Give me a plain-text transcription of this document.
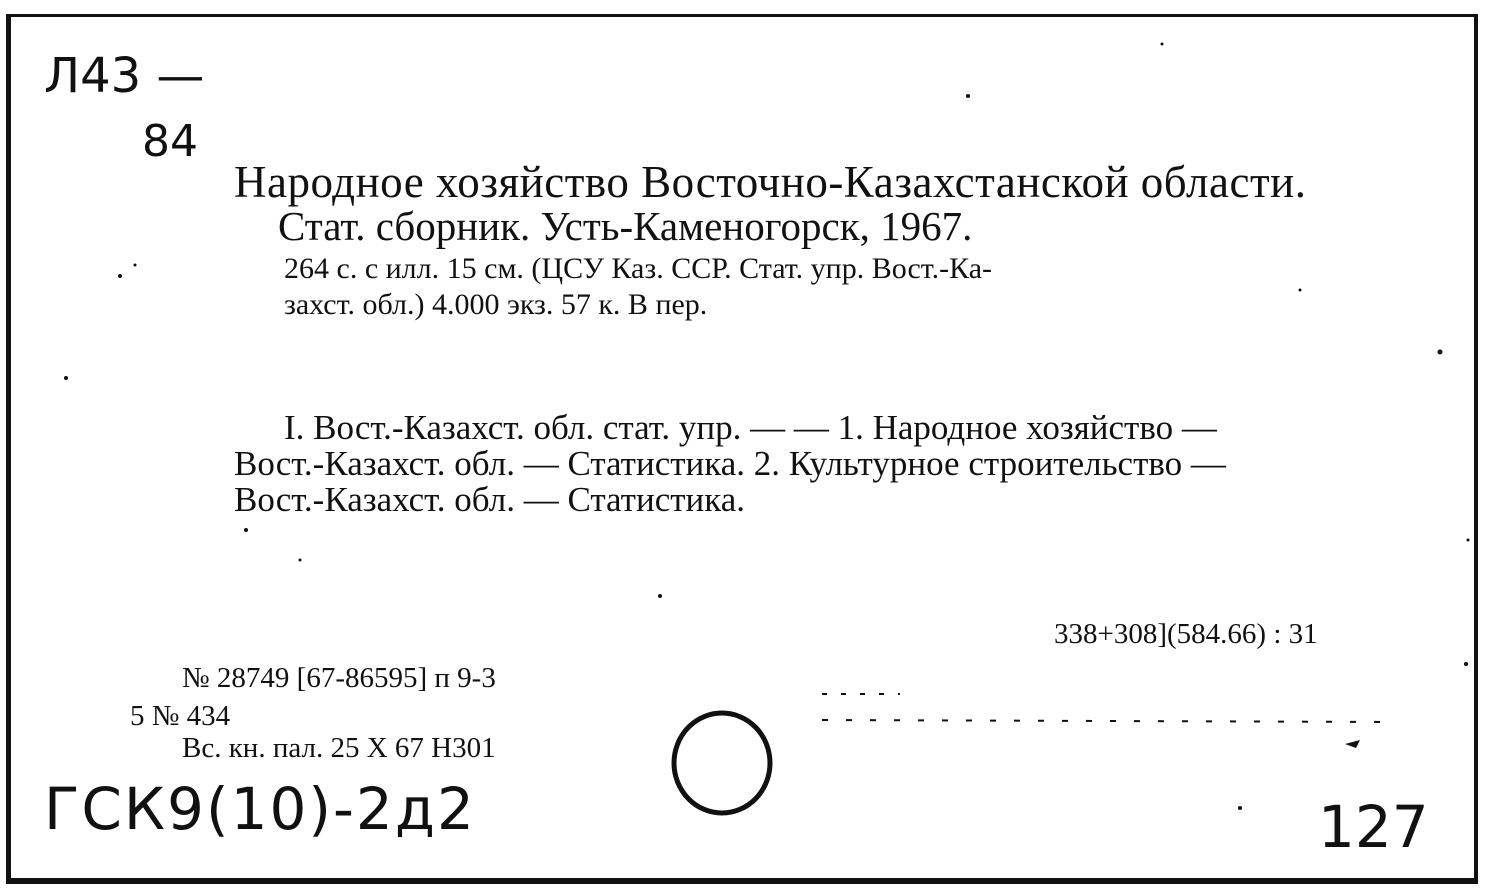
Л43 —
84
Народное хозяйство Восточно-Казахстанской области.
Стат. сборник. Усть-Каменогорск, 1967.
264 с. с илл. 15 см. (ЦСУ Каз. ССР. Стат. упр. Вост.-Ка-
захст. обл.) 4.000 экз. 57 к. В пер.
I. Вост.-Казахст. обл. стат. упр. — — 1. Народное хозяйство —
Вост.-Казахст. обл. — Статистика. 2. Культурное строительство —
Вост.-Казахст. обл. — Статистика.
338+308](584.66) : 31
№ 28749 [67-86595] п 9-3
5 № 434
Вс. кн. пал. 25 X 67 Н301
ГСК9(10)-2д2	127
